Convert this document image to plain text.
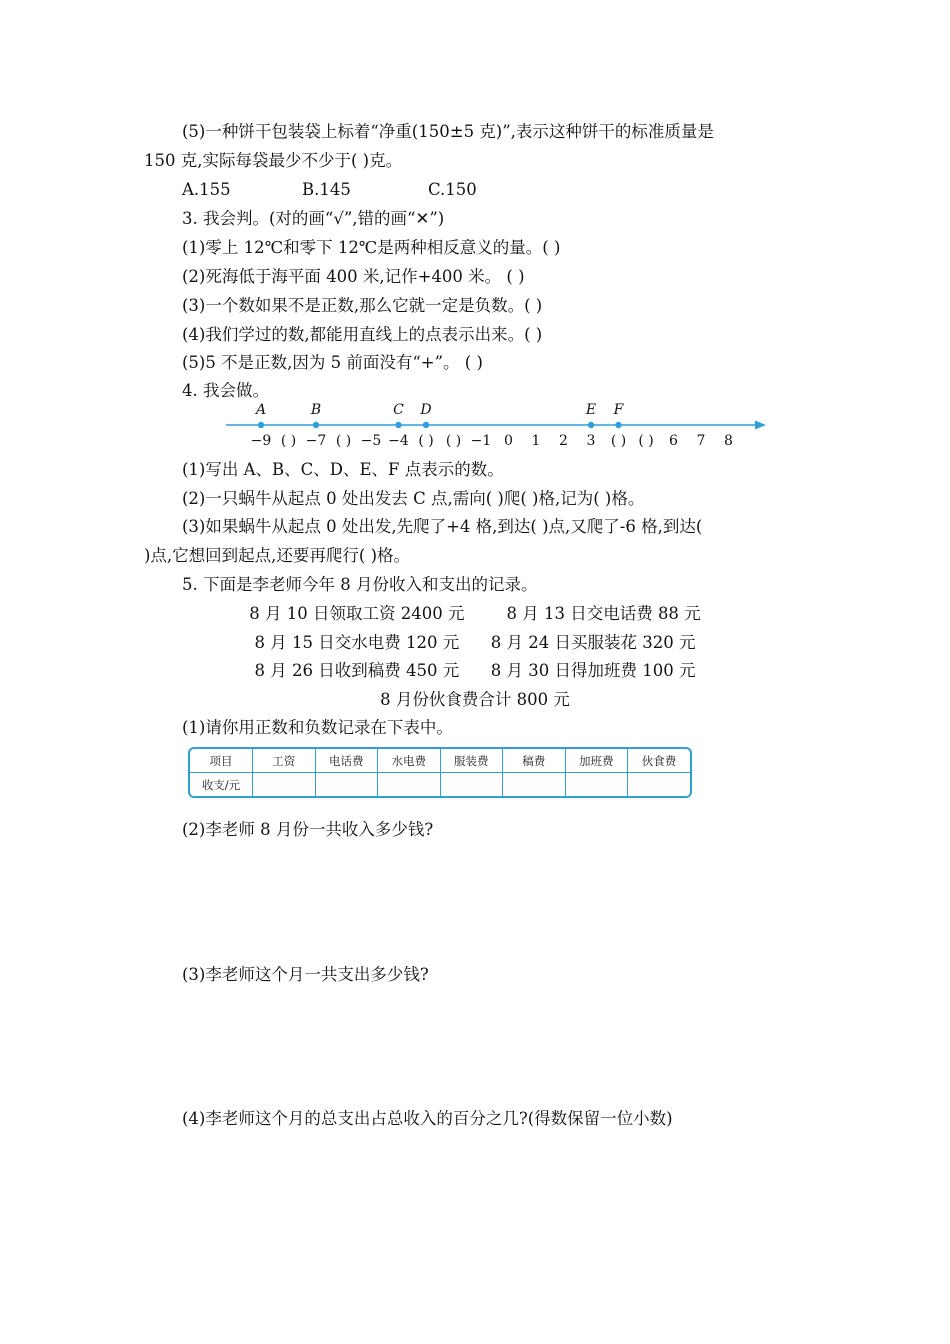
(5)一种饼干包装袋上标着“净重(150±5 克)”,表示这种饼干的标准质量是
150 克,实际每袋最少不少于( )克。
A.155	B.145	C.150
3. 我会判。(对的画“√”,错的画“✕”)
(1)零上 12℃和零下 12℃是两种相反意义的量。( )
(2)死海低于海平面 400 米,记作+400 米。 ( )
(3)一个数如果不是正数,那么它就一定是负数。( )
(4)我们学过的数,都能用直线上的点表示出来。( )
(5)5 不是正数,因为 5 前面没有“+”。 ( )
4. 我会做。
−9 ( ) −7 ( ) −5 −4 ( ) ( ) −1 0 1 2 3 ( ) ( ) 6 7 8
A	B	C D	E F
(1)写出 A、B、C、D、E、F 点表示的数。
(2)一只蜗牛从起点 0 处出发去 C 点,需向( )爬( )格,记为( )格。
(3)如果蜗牛从起点 0 处出发,先爬了+4 格,到达( )点,又爬了-6 格,到达(
)点,它想回到起点,还要再爬行( )格。
5. 下面是李老师今年 8 月份收入和支出的记录。
8 月 10 日领取工资 2400 元        8 月 13 日交电话费 88 元
8 月 15 日交水电费 120 元      8 月 24 日买服装花 320 元
8 月 26 日收到稿费 450 元      8 月 30 日得加班费 100 元
8 月份伙食费合计 800 元
(1)请你用正数和负数记录在下表中。
项目	工资	电话费	水电费	服装费	稿费	加班费	伙食费
收支/元							
(2)李老师 8 月份一共收入多少钱?
(3)李老师这个月一共支出多少钱?
(4)李老师这个月的总支出占总收入的百分之几?(得数保留一位小数)
